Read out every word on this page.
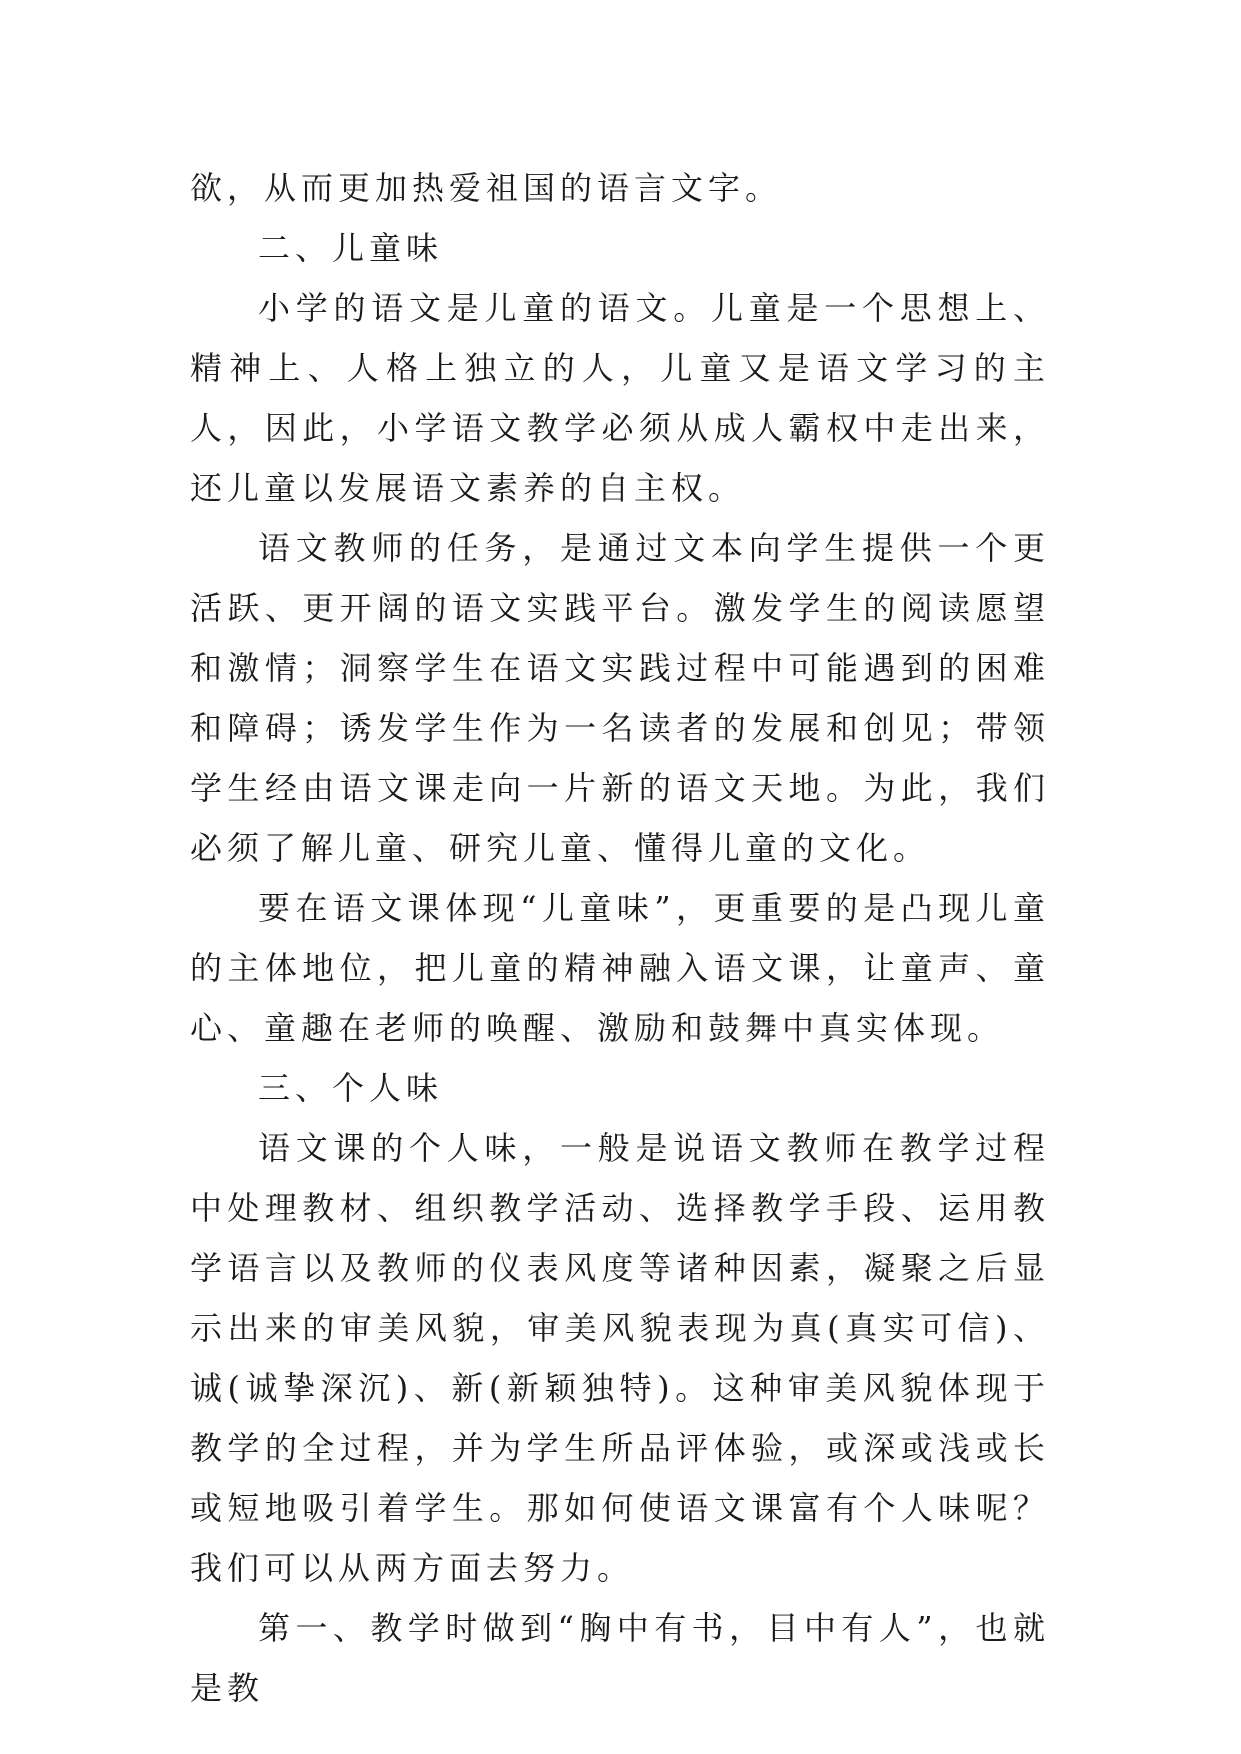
欲，从而更加热爱祖国的语言文字。

二、儿童味

小学的语文是儿童的语文。儿童是一个思想上、精神上、人格上独立的人，儿童又是语文学习的主人，因此，小学语文教学必须从成人霸权中走出来，还儿童以发展语文素养的自主权。

语文教师的任务，是通过文本向学生提供一个更活跃、更开阔的语文实践平台。激发学生的阅读愿望和激情；洞察学生在语文实践过程中可能遇到的困难和障碍；诱发学生作为一名读者的发展和创见；带领学生经由语文课走向一片新的语文天地。为此，我们必须了解儿童、研究儿童、懂得儿童的文化。

要在语文课体现“儿童味”，更重要的是凸现儿童的主体地位，把儿童的精神融入语文课，让童声、童心、童趣在老师的唤醒、激励和鼓舞中真实体现。

三、个人味

语文课的个人味，一般是说语文教师在教学过程中处理教材、组织教学活动、选择教学手段、运用教学语言以及教师的仪表风度等诸种因素，凝聚之后显示出来的审美风貌，审美风貌表现为真(真实可信)、诚(诚挚深沉)、新(新颖独特)。这种审美风貌体现于教学的全过程，并为学生所品评体验，或深或浅或长或短地吸引着学生。那如何使语文课富有个人味呢？我们可以从两方面去努力。

第一、教学时做到“胸中有书，目中有人”，也就是教
